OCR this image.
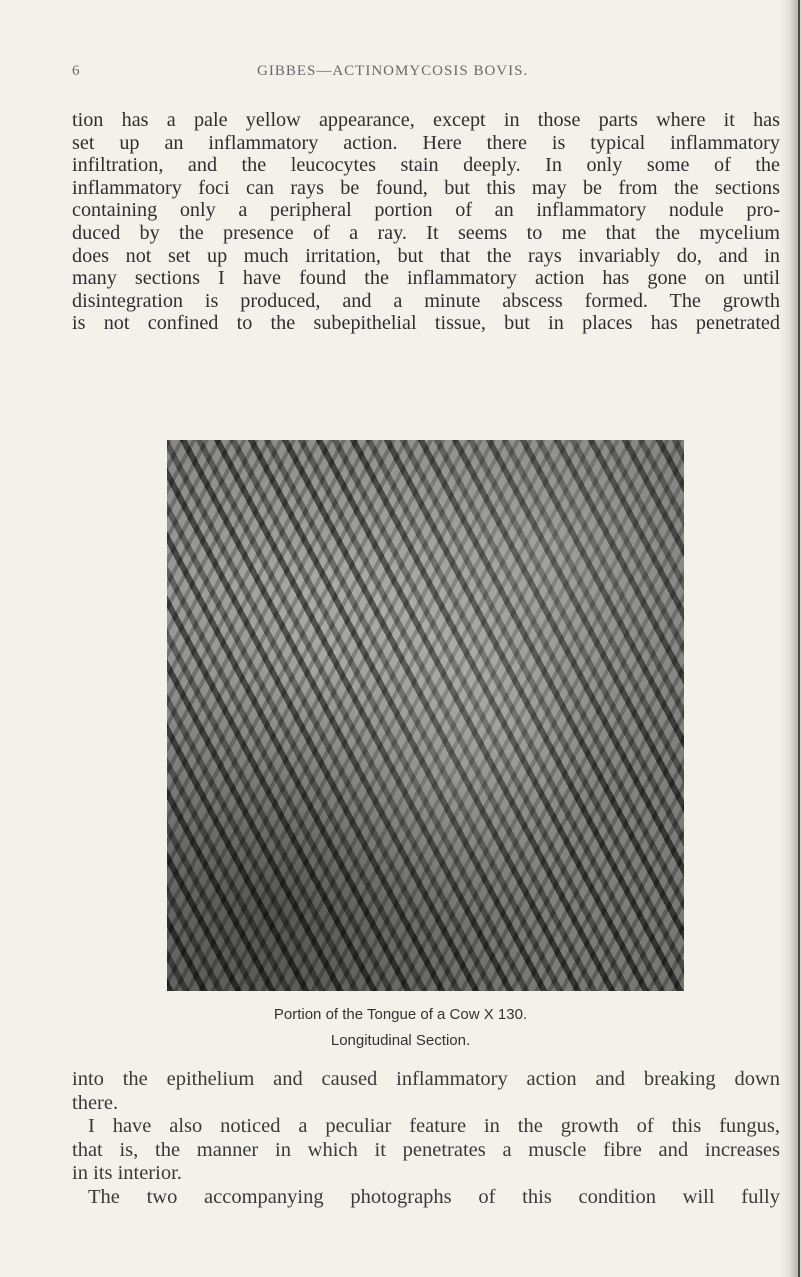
6	GIBBES—ACTINOMYCOSIS BOVIS.
tion has a pale yellow appearance, except in those parts where it has
set up an inflammatory action. Here there is typical inflammatory
infiltration, and the leucocytes stain deeply. In only some of the
inflammatory foci can rays be found, but this may be from the sections
containing only a peripheral portion of an inflammatory nodule pro-
duced by the presence of a ray. It seems to me that the mycelium
does not set up much irritation, but that the rays invariably do, and in
many sections I have found the inflammatory action has gone on until
disintegration is produced, and a minute abscess formed. The growth
is not confined to the subepithelial tissue, but in places has penetrated
Portion of the Tongue of a Cow X 130.
Longitudinal Section.
into the epithelium and caused inflammatory action and breaking down
there.
I have also noticed a peculiar feature in the growth of this fungus,
that is, the manner in which it penetrates a muscle fibre and increases
in its interior.
The two accompanying photographs of this condition will fully
